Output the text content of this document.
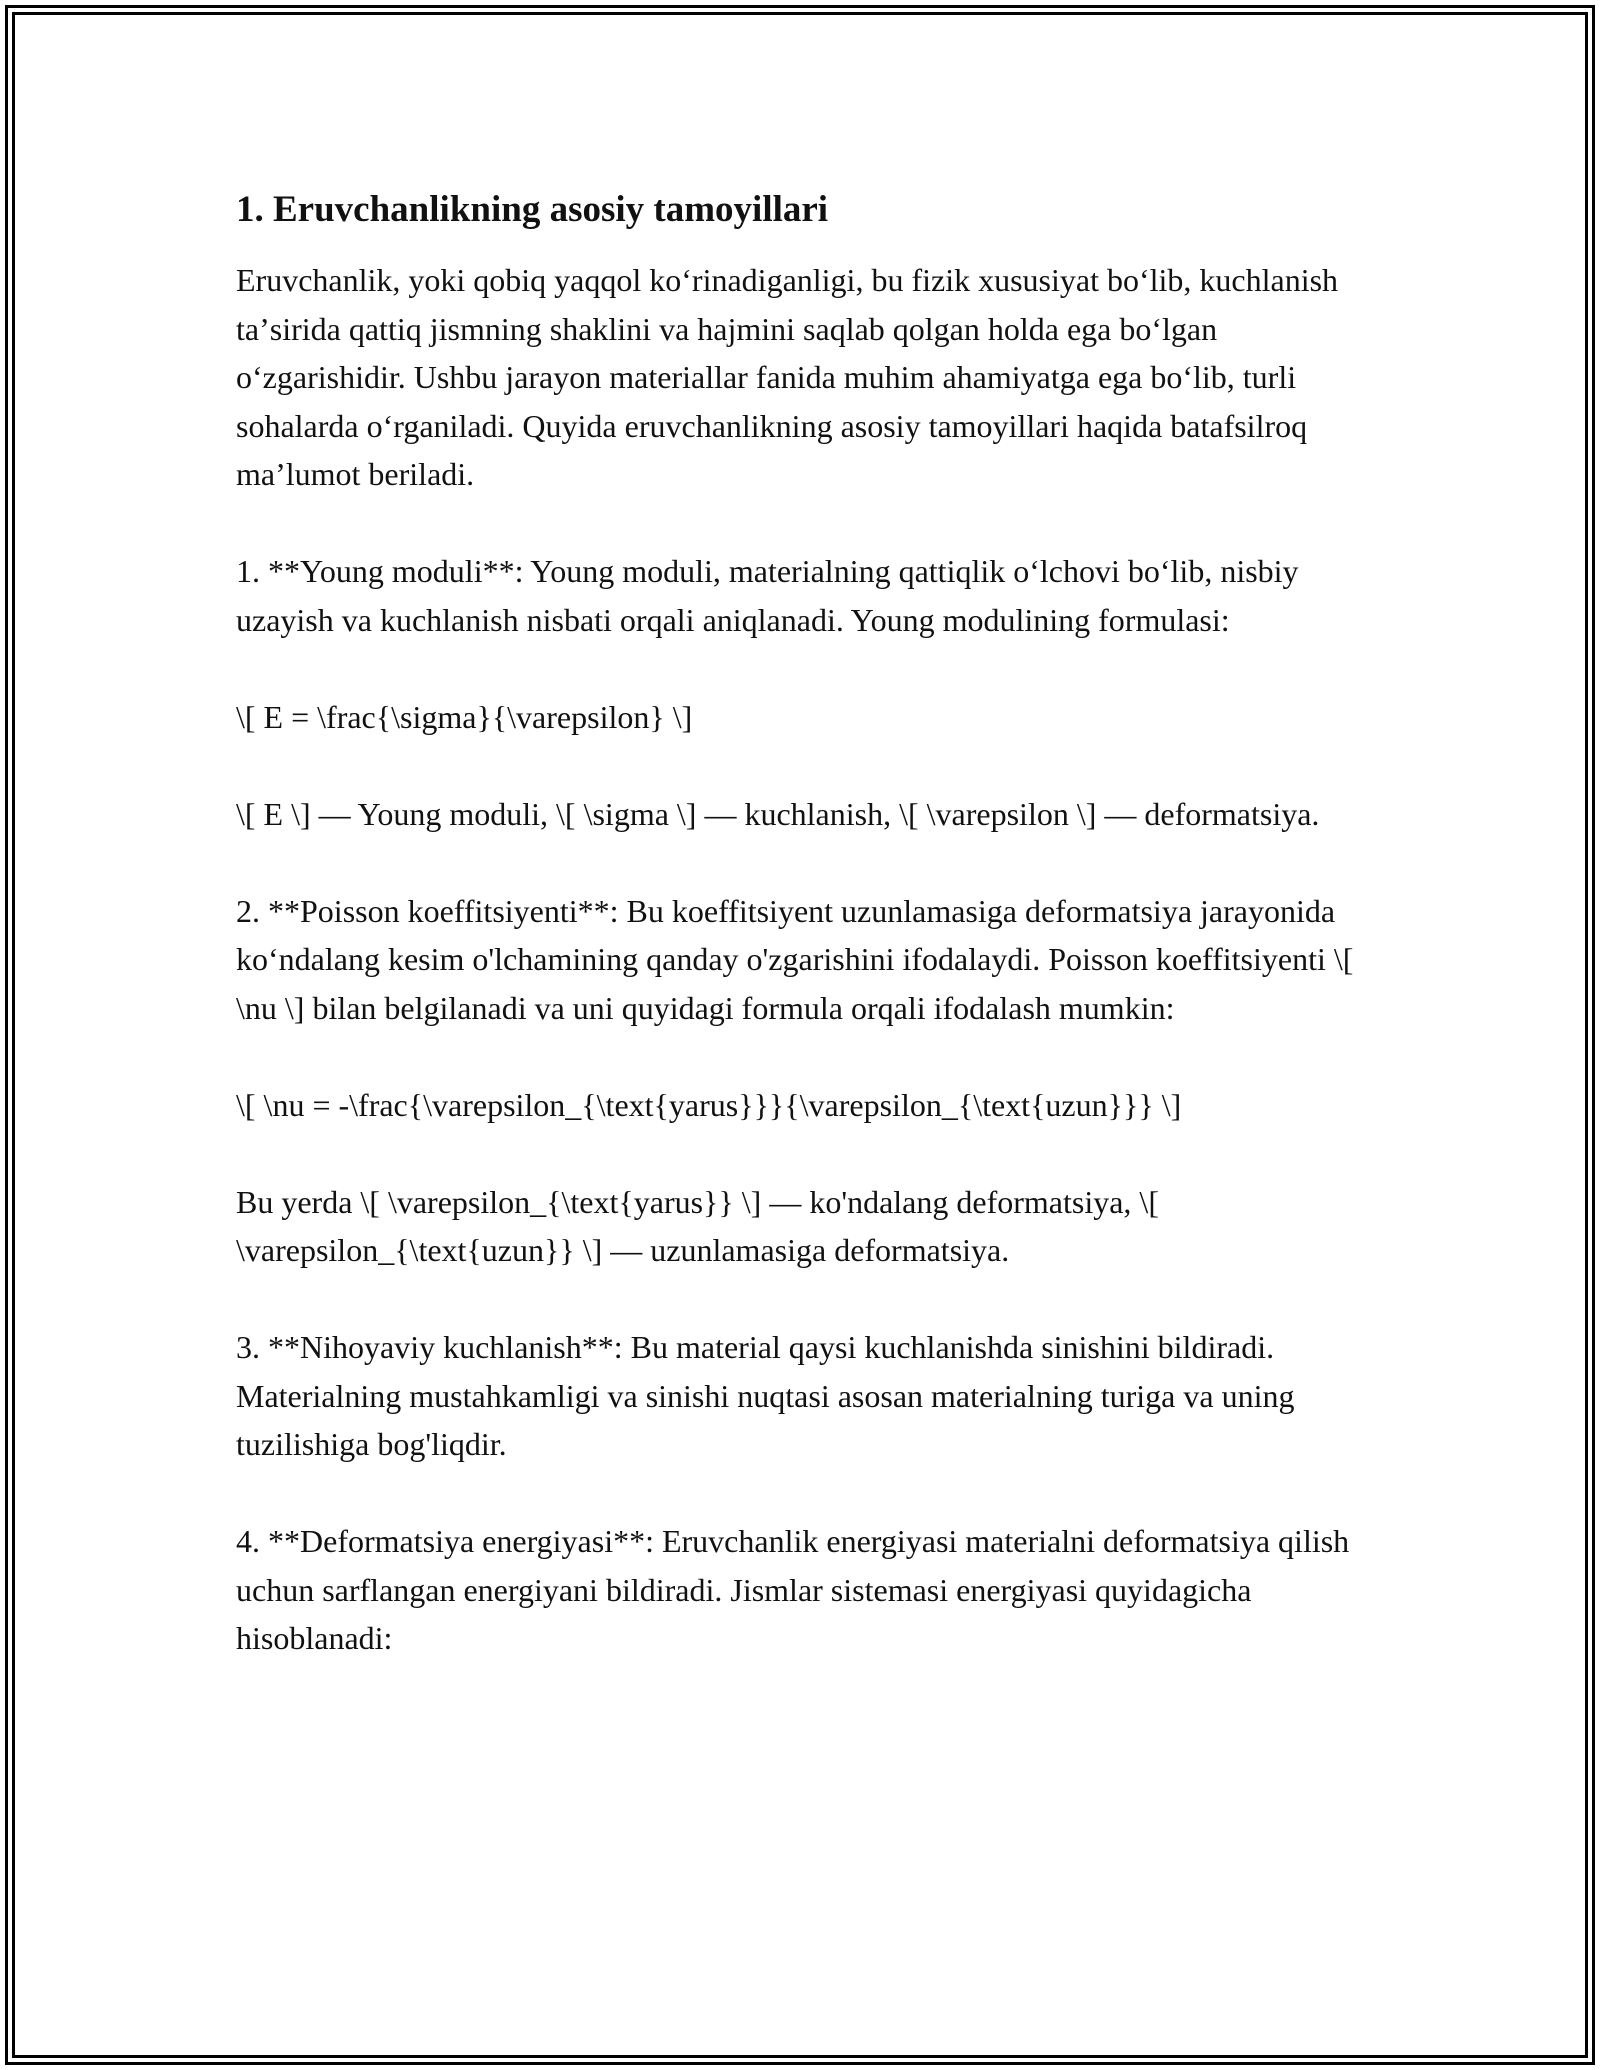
1. Eruvchanlikning asosiy tamoyillari

Eruvchanlik, yoki qobiq yaqqol koʻrinadiganligi, bu fizik xususiyat boʻlib, kuchlanish taʼsirida qattiq jismning shaklini va hajmini saqlab qolgan holda ega boʻlgan oʻzgarishidir. Ushbu jarayon materiallar fanida muhim ahamiyatga ega boʻlib, turli sohalarda oʻrganiladi. Quyida eruvchanlikning asosiy tamoyillari haqida batafsilroq maʼlumot beriladi.

1. **Young moduli**: Young moduli, materialning qattiqlik oʻlchovi boʻlib, nisbiy uzayish va kuchlanish nisbati orqali aniqlanadi. Young modulining formulasi:

\[ E = \frac{\sigma}{\varepsilon} \]

\[ E \] — Young moduli, \[ \sigma \] — kuchlanish, \[ \varepsilon \] — deformatsiya.

2. **Poisson koeffitsiyenti**: Bu koeffitsiyent uzunlamasiga deformatsiya jarayonida koʻndalang kesim o'lchamining qanday o'zgarishini ifodalaydi. Poisson koeffitsiyenti \[ \nu \] bilan belgilanadi va uni quyidagi formula orqali ifodalash mumkin:

\[ \nu = -\frac{\varepsilon_{\text{yarus}}}{\varepsilon_{\text{uzun}}} \]

Bu yerda \[ \varepsilon_{\text{yarus}} \] — ko'ndalang deformatsiya, \[ \varepsilon_{\text{uzun}} \] — uzunlamasiga deformatsiya.

3. **Nihoyaviy kuchlanish**: Bu material qaysi kuchlanishda sinishini bildiradi. Materialning mustahkamligi va sinishi nuqtasi asosan materialning turiga va uning tuzilishiga bog'liqdir.

4. **Deformatsiya energiyasi**: Eruvchanlik energiyasi materialni deformatsiya qilish uchun sarflangan energiyani bildiradi. Jismlar sistemasi energiyasi quyidagicha hisoblanadi:
